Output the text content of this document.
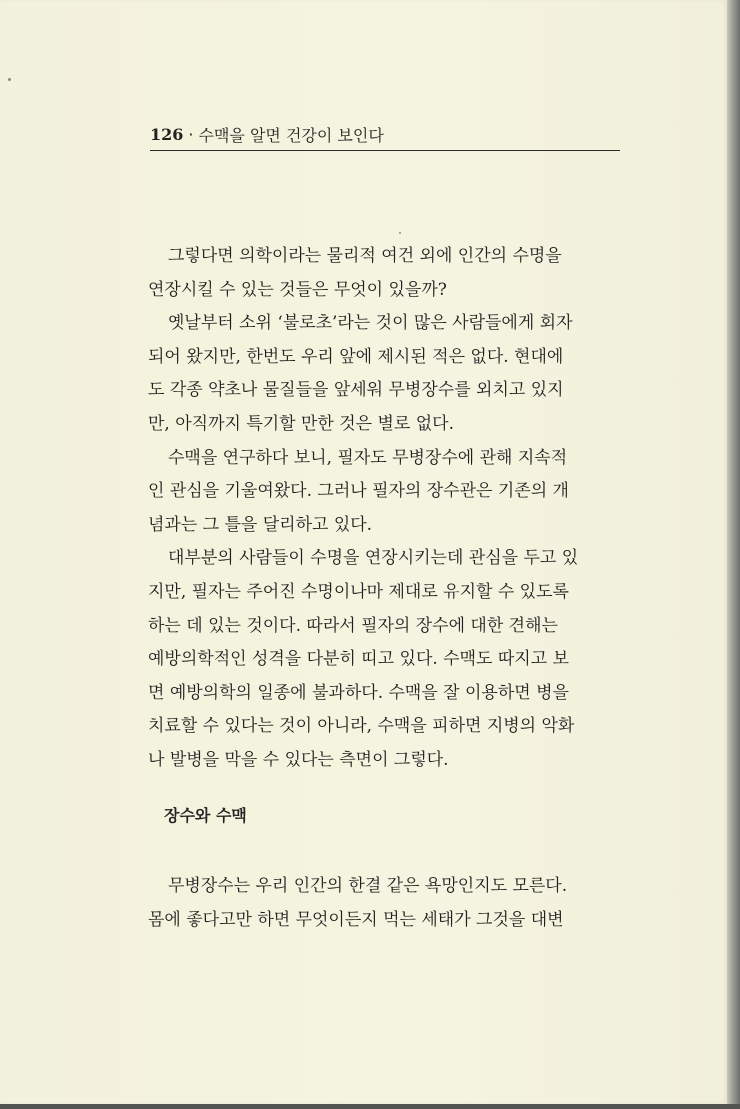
126 · 수맥을 알면 건강이 보인다
그렇다면 의학이라는 물리적 여건 외에 인간의 수명을
연장시킬 수 있는 것들은 무엇이 있을까?
옛날부터 소위 ‘불로초’라는 것이 많은 사람들에게 회자
되어 왔지만, 한번도 우리 앞에 제시된 적은 없다. 현대에
도 각종 약초나 물질들을 앞세워 무병장수를 외치고 있지
만, 아직까지 특기할 만한 것은 별로 없다.
수맥을 연구하다 보니, 필자도 무병장수에 관해 지속적
인 관심을 기울여왔다. 그러나 필자의 장수관은 기존의 개
념과는 그 틀을 달리하고 있다.
대부분의 사람들이 수명을 연장시키는데 관심을 두고 있
지만, 필자는 주어진 수명이나마 제대로 유지할 수 있도록
하는 데 있는 것이다. 따라서 필자의 장수에 대한 견해는
예방의학적인 성격을 다분히 띠고 있다. 수맥도 따지고 보
면 예방의학의 일종에 불과하다. 수맥을 잘 이용하면 병을
치료할 수 있다는 것이 아니라, 수맥을 피하면 지병의 악화
나 발병을 막을 수 있다는 측면이 그렇다.
장수와 수맥
무병장수는 우리 인간의 한결 같은 욕망인지도 모른다.
몸에 좋다고만 하면 무엇이든지 먹는 세태가 그것을 대변
